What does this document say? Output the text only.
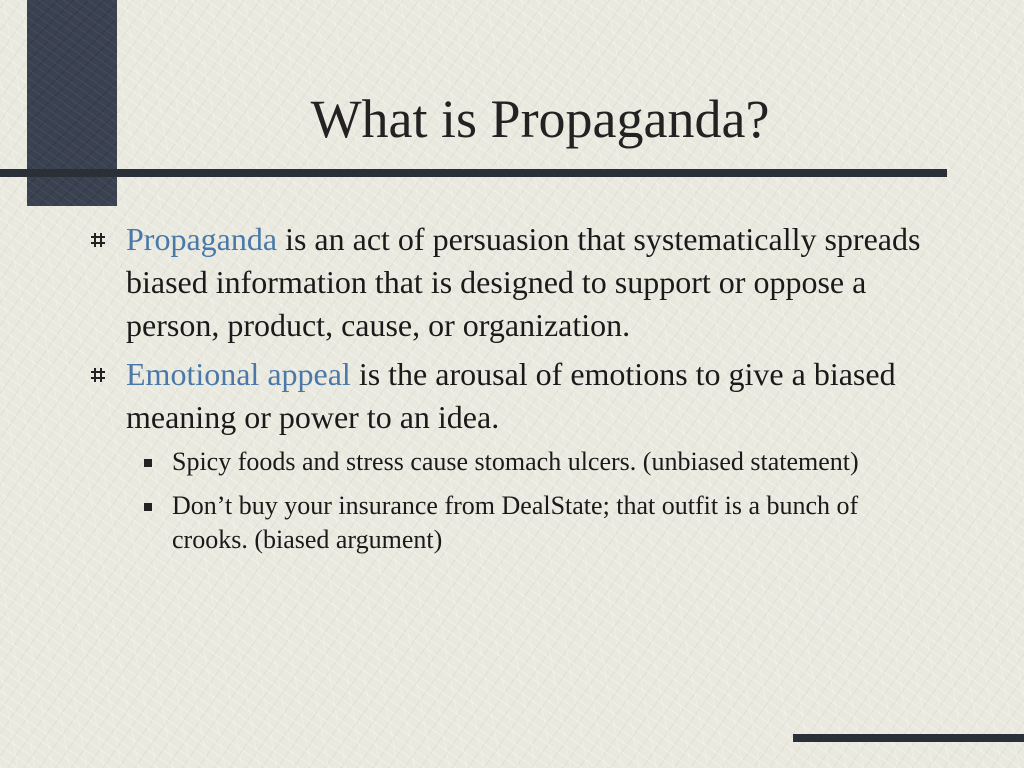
What is Propaganda?
Propaganda is an act of persuasion that systematically spreads biased information that is designed to support or oppose a person, product, cause, or organization.
Emotional appeal is the arousal of emotions to give a biased meaning or power to an idea.
Spicy foods and stress cause stomach ulcers. (unbiased statement)
Don’t buy your insurance from DealState; that outfit is a bunch of crooks. (biased argument)
